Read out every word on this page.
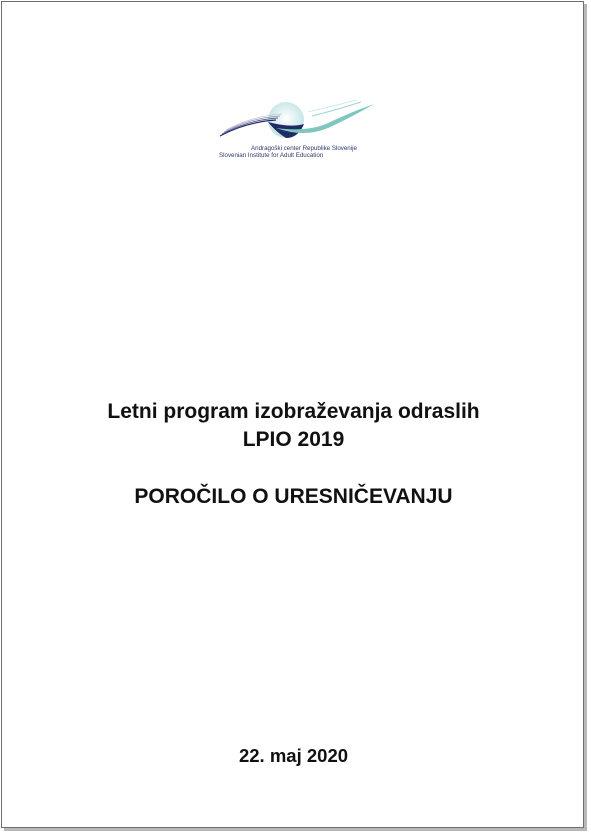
Andragoški center Republike Slovenije
Slovenian Institute for Adult Education
Letni program izobraževanja odraslih
LPIO 2019
POROČILO O URESNIČEVANJU
22. maj 2020
